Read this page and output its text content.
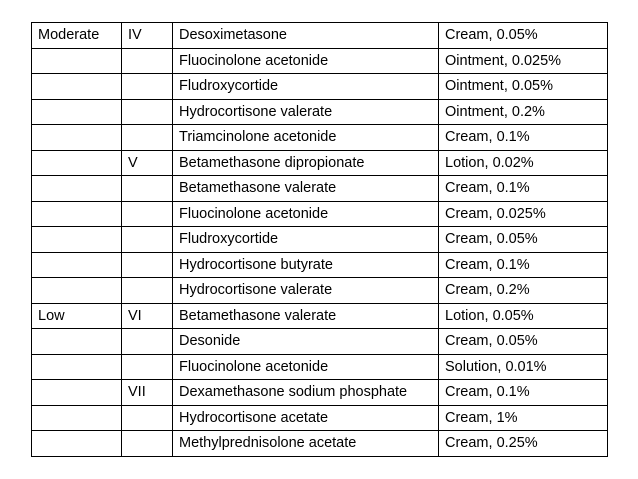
Moderate	IV	Desoximetasone	Cream, 0.05%
		Fluocinolone acetonide	Ointment, 0.025%
		Fludroxycortide	Ointment, 0.05%
		Hydrocortisone valerate	Ointment, 0.2%
		Triamcinolone acetonide	Cream, 0.1%
	V	Betamethasone dipropionate	Lotion, 0.02%
		Betamethasone valerate	Cream, 0.1%
		Fluocinolone acetonide	Cream, 0.025%
		Fludroxycortide	Cream, 0.05%
		Hydrocortisone butyrate	Cream, 0.1%
		Hydrocortisone valerate	Cream, 0.2%
Low	VI	Betamethasone valerate	Lotion, 0.05%
		Desonide	Cream, 0.05%
		Fluocinolone acetonide	Solution, 0.01%
	VII	Dexamethasone sodium phosphate	Cream, 0.1%
		Hydrocortisone acetate	Cream, 1%
		Methylprednisolone acetate	Cream, 0.25%
